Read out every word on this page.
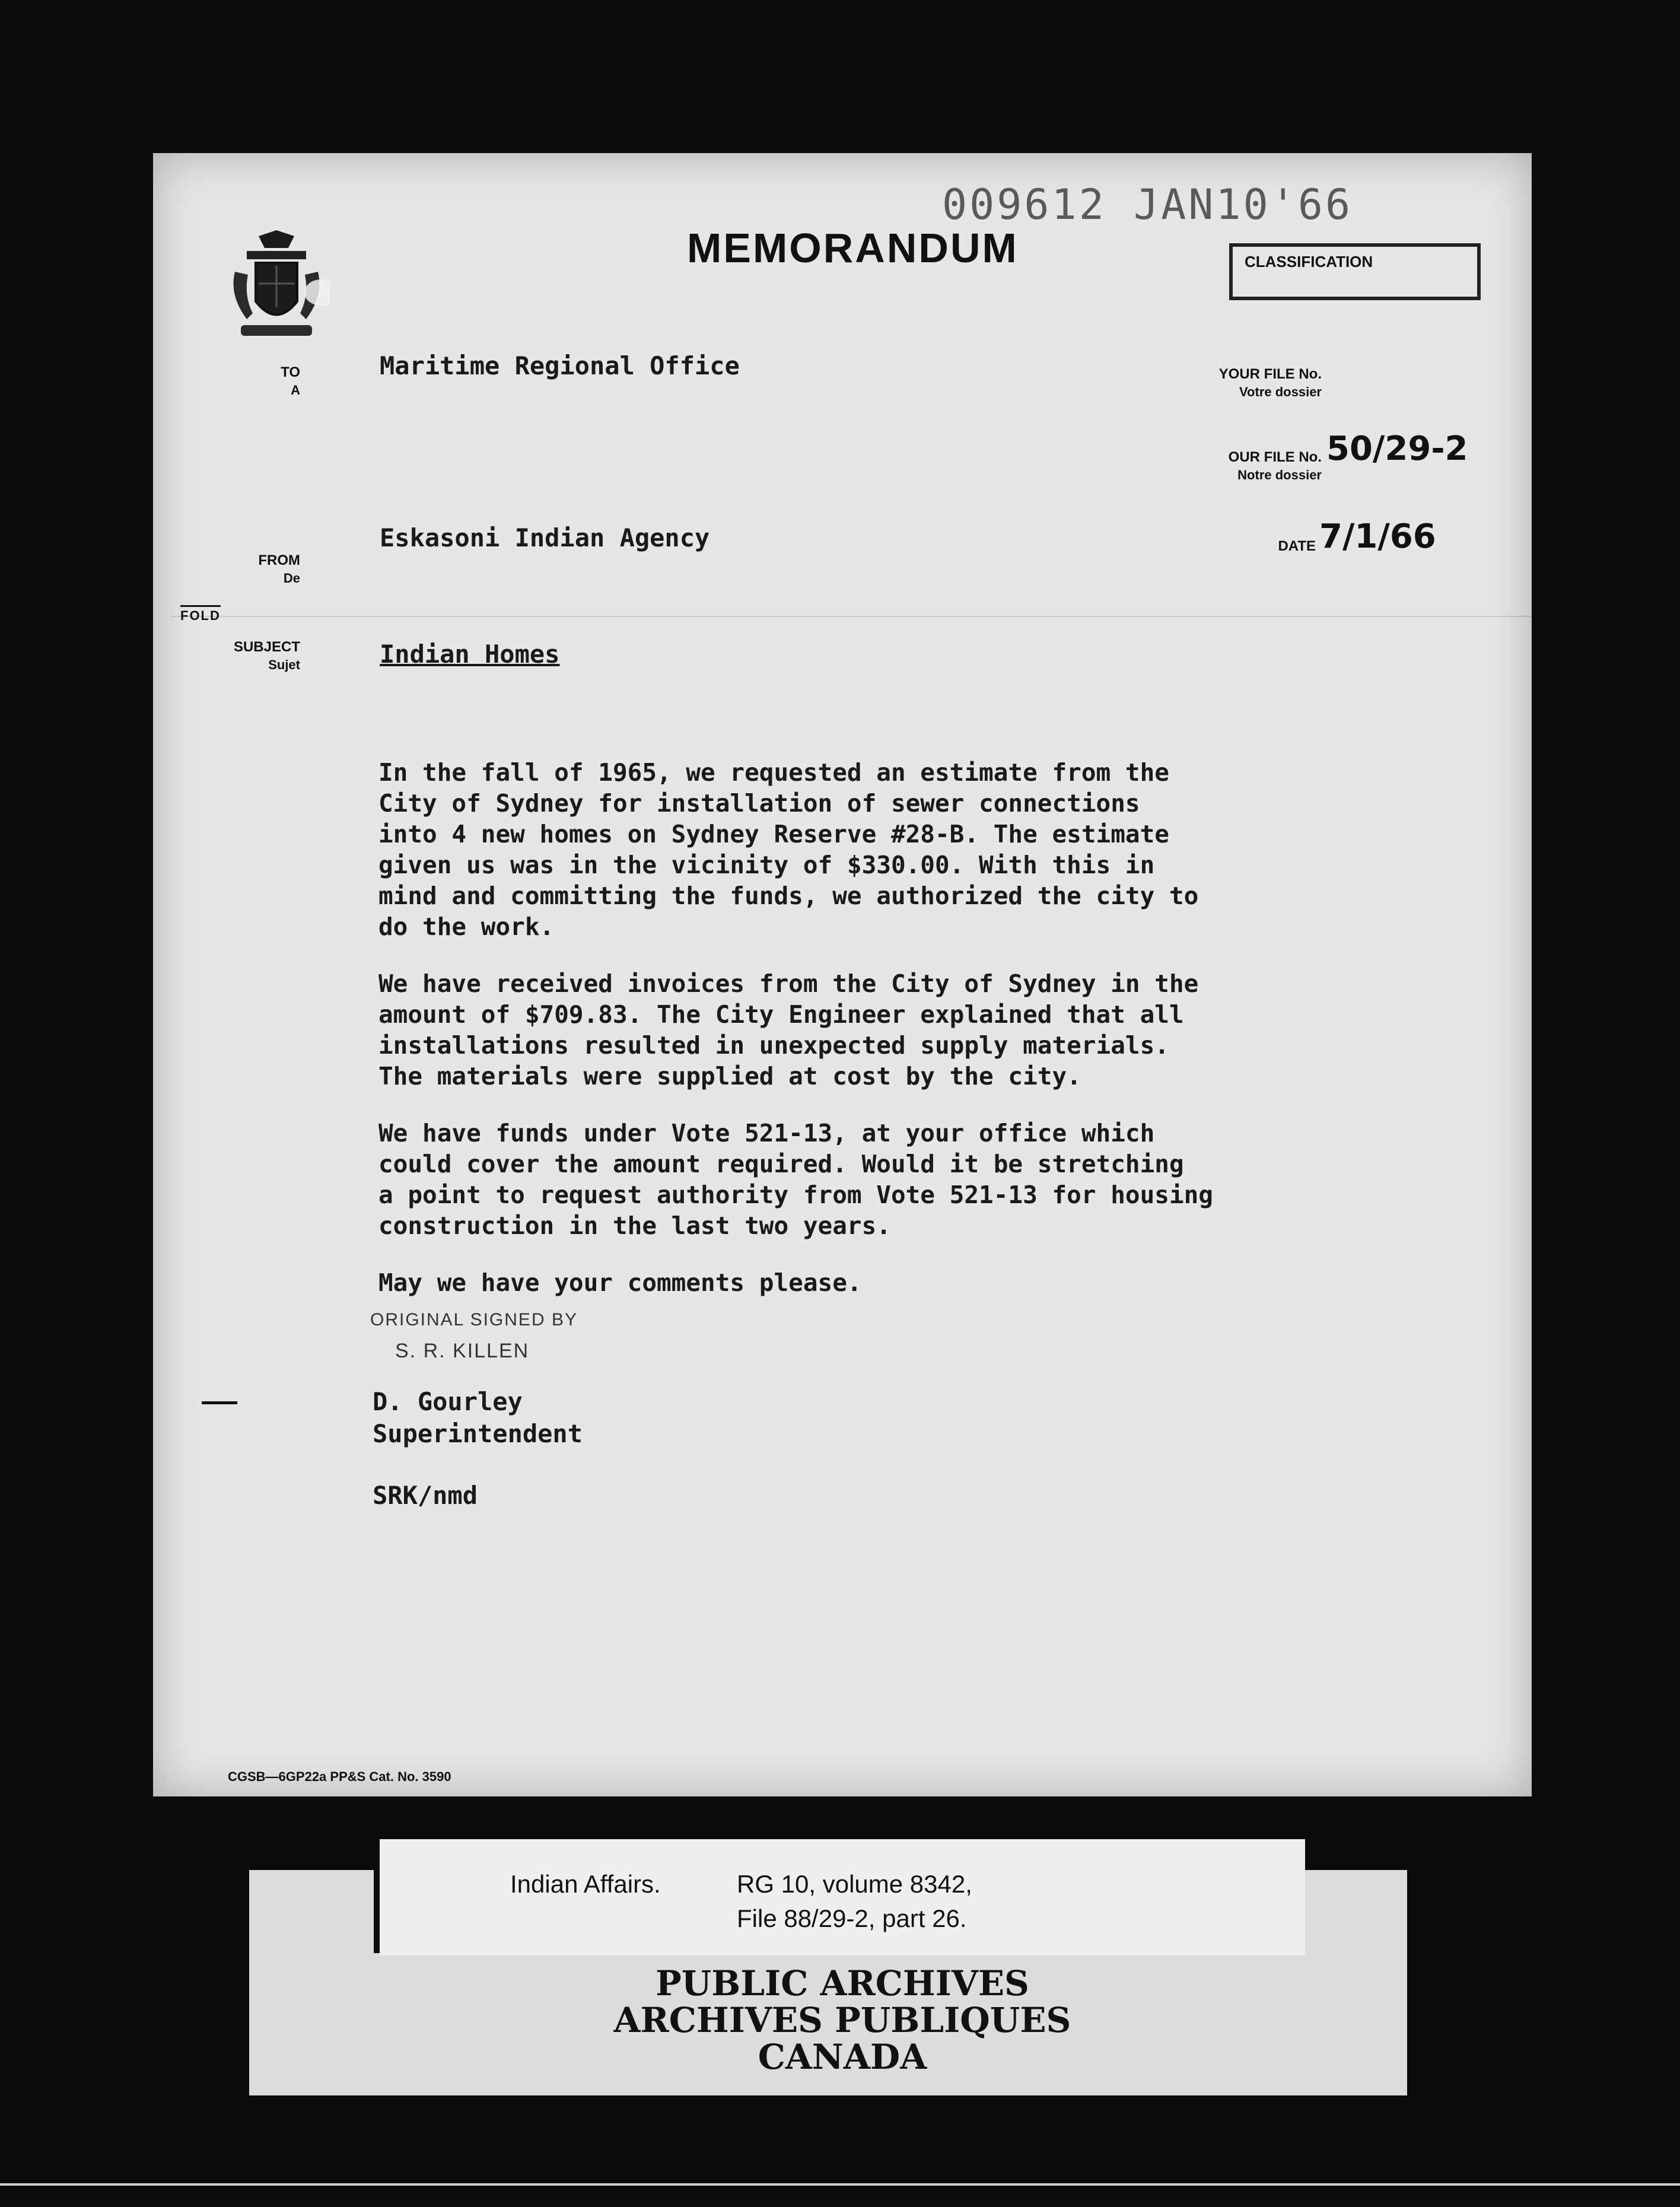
009612 JAN10'66
MEMORANDUM	CLASSIFICATION
TO
A
Maritime Regional Office	YOUR FILE No.
Votre dossier
OUR FILE No.
Notre dossier
50/29-2
FROM
De
Eskasoni Indian Agency	DATE 7/1/66
FOLD
SUBJECT
Sujet	Indian Homes

In the fall of 1965, we requested an estimate from the
City of Sydney for installation of sewer connections
into 4 new homes on Sydney Reserve #28-B. The estimate
given us was in the vicinity of $330.00. With this in
mind and committing the funds, we authorized the city to
do the work.

We have received invoices from the City of Sydney in the
amount of $709.83. The City Engineer explained that all
installations resulted in unexpected supply materials.
The materials were supplied at cost by the city.

We have funds under Vote 521-13, at your office which
could cover the amount required. Would it be stretching
a point to request authority from Vote 521-13 for housing
construction in the last two years.

May we have your comments please.

ORIGINAL SIGNED BY
S. R. KILLEN
D. Gourley
Superintendent
SRK/nmd
CGSB—6GP22a PP&S Cat. No. 3590
Indian Affairs.	RG 10, volume 8342,
File 88/29-2, part 26.
PUBLIC ARCHIVES
ARCHIVES PUBLIQUES
CANADA
